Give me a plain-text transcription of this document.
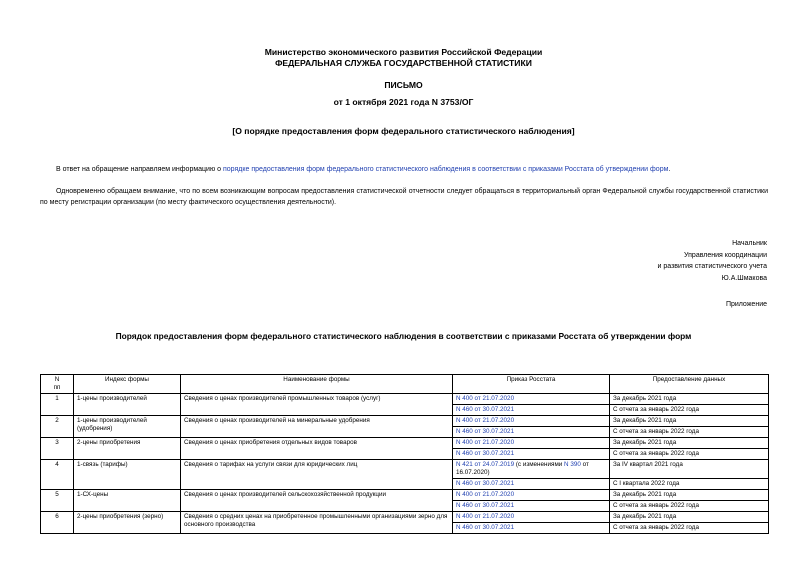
Министерство экономического развития Российской Федерации
ФЕДЕРАЛЬНАЯ СЛУЖБА ГОСУДАРСТВЕННОЙ СТАТИСТИКИ
ПИСЬМО
от 1 октября 2021 года N 3753/ОГ
[О порядке предоставления форм федерального статистического наблюдения]
В ответ на обращение направляем информацию о порядке предоставления форм федерального статистического наблюдения в соответствии с приказами Росстата об утверждении форм.
Одновременно обращаем внимание, что по всем возникающим вопросам предоставления статистической отчетности следует обращаться в территориальный орган Федеральной службы государственной статистики по месту регистрации организации (по месту фактического осуществления деятельности).
Начальник
Управления координации
и развития статистического учета
Ю.А.Шмакова
Приложение
Порядок предоставления форм федерального статистического наблюдения в соответствии с приказами Росстата об утверждении форм
N
пп	Индекс формы	Наименование формы	Приказ Росстата	Предоставление данных
1	1-цены производителей	Сведения о ценах производителей промышленных товаров (услуг)	N 400 от 21.07.2020	За декабрь 2021 года
			N 460 от 30.07.2021	С отчета за январь 2022 года
2	1-цены производителей (удобрения)	Сведения о ценах производителей на минеральные удобрения	N 400 от 21.07.2020	За декабрь 2021 года
			N 460 от 30.07.2021	С отчета за январь 2022 года
3	2-цены приобретения	Сведения о ценах приобретения отдельных видов товаров	N 400 от 21.07.2020	За декабрь 2021 года
			N 460 от 30.07.2021	С отчета за январь 2022 года
4	1-связь (тарифы)	Сведения о тарифах на услуги связи для юридических лиц	N 421 от 24.07.2019 (с изменениями N 390 от 16.07.2020)	За IV квартал 2021 года
			N 460 от 30.07.2021	С I квартала 2022 года
5	1-СХ-цены	Сведения о ценах производителей сельскохозяйственной продукции	N 400 от 21.07.2020	За декабрь 2021 года
			N 460 от 30.07.2021	С отчета за январь 2022 года
6	2-цены приобретения (зерно)	Сведения о средних ценах на приобретенное промышленными организациями зерно для основного производства	N 400 от 21.07.2020	За декабрь 2021 года
			N 460 от 30.07.2021	С отчета за январь 2022 года
